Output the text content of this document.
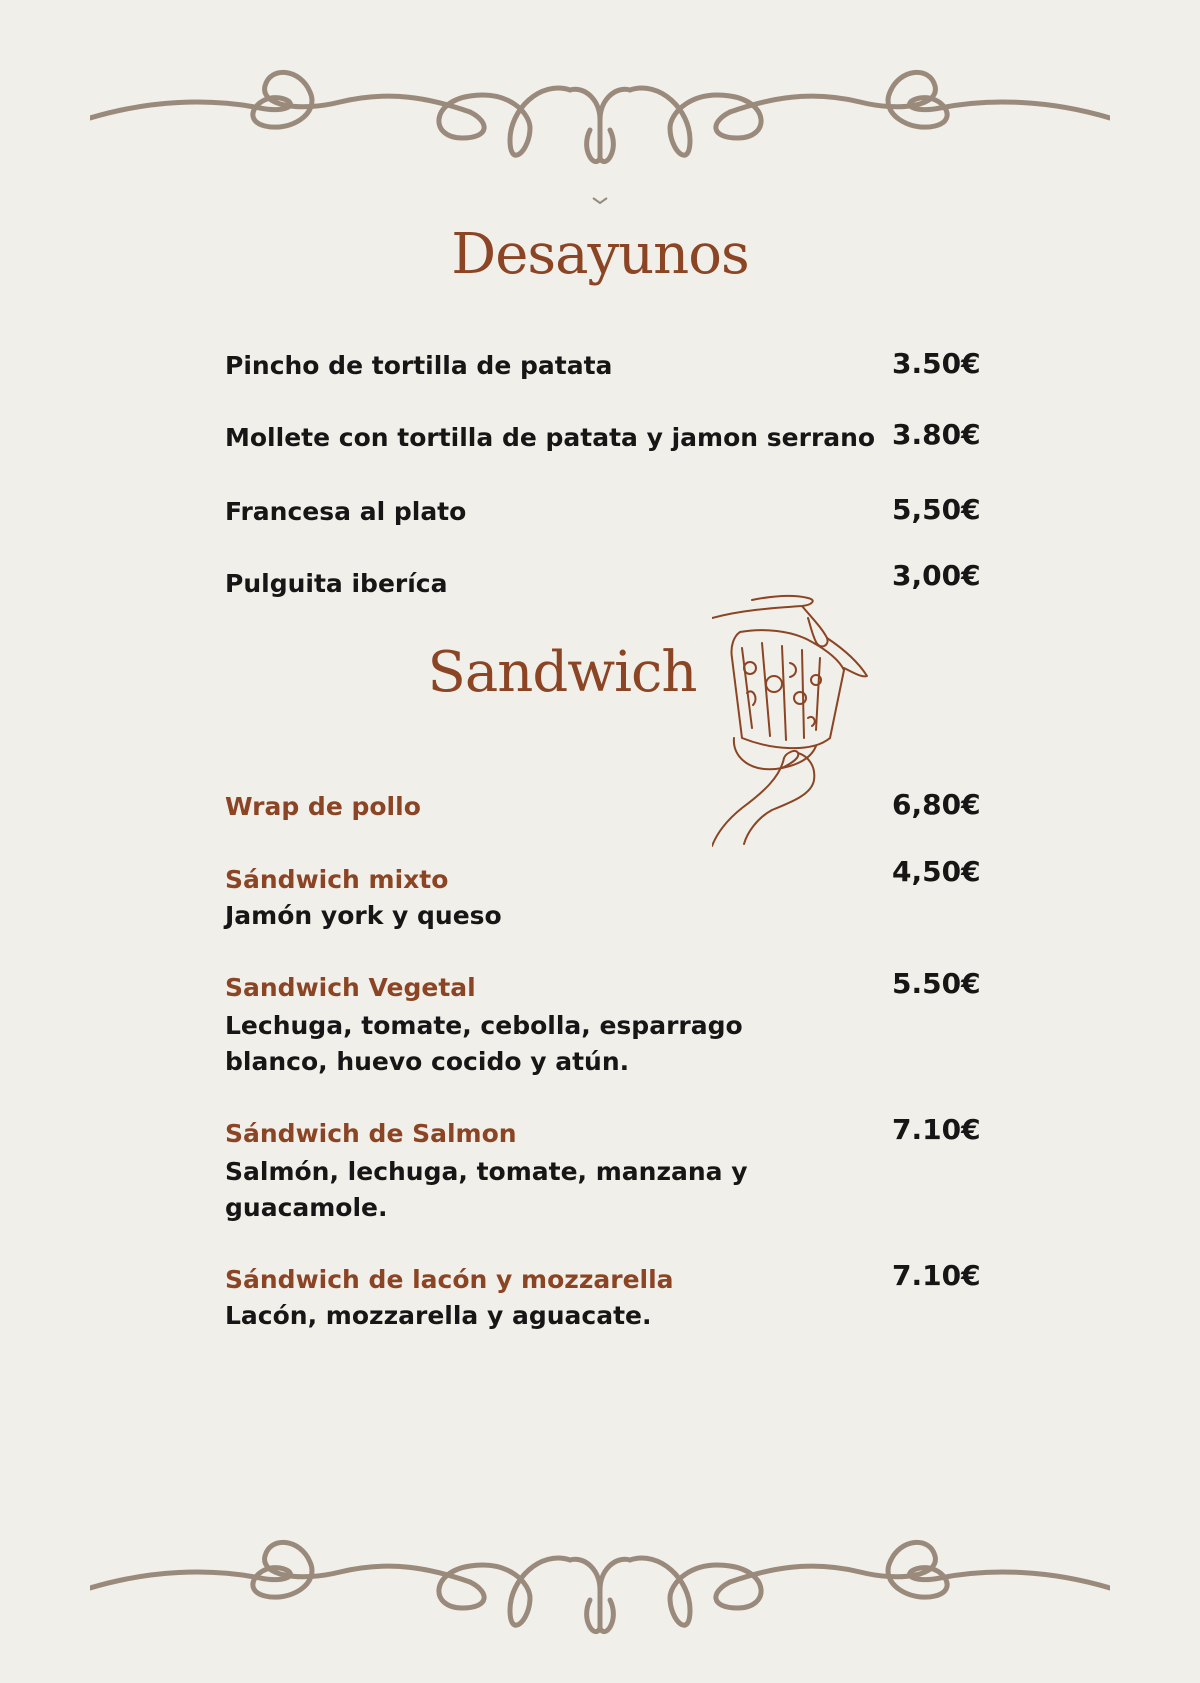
Desayunos

Pincho de tortilla de patata	3.50€

Mollete con tortilla de patata y jamon serrano 3.80€

Francesa al plato	5,50€

Pulguita iberíca	3,00€

Sandwich

Wrap de pollo	6,80€

Sándwich mixto	4,50€

Jamón york y queso

Sandwich Vegetal	5.50€

Lechuga, tomate, cebolla, esparrago blanco, huevo cocido y atún.

Sándwich de Salmon	7.10€

Salmón, lechuga, tomate, manzana y guacamole.

Sándwich de lacón y mozzarella	7.10€

Lacón, mozzarella y aguacate.
